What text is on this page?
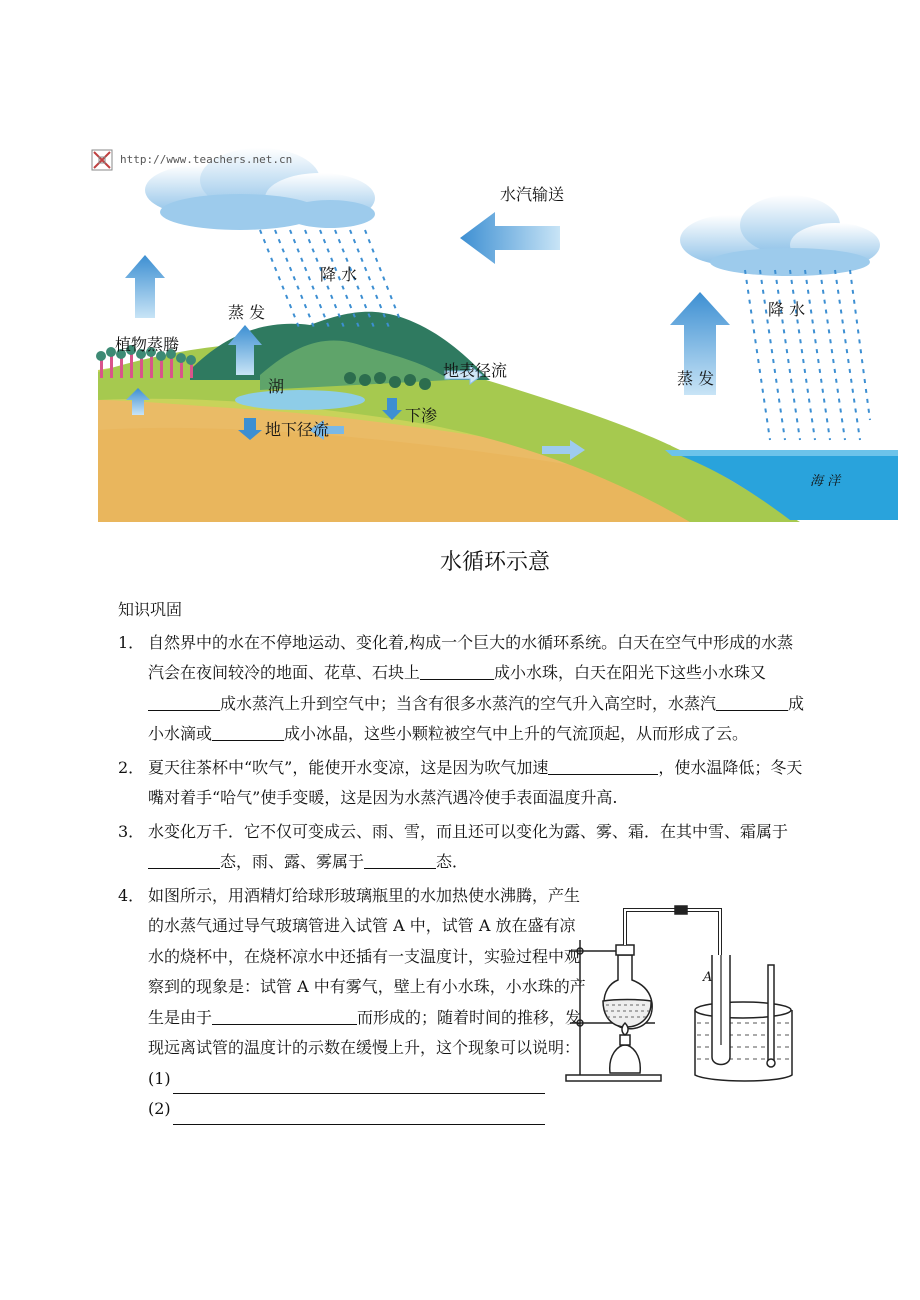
http://www.teachers.net.cn
水汽输送
降 水
降 水
蒸 发
蒸 发
植物蒸腾
湖
地表径流
下渗
地下径流
海 洋
水循环示意
知识巩固
1． 自然界中的水在不停地运动、变化着,构成一个巨大的水循环系统。白天在空气中形成的水蒸汽会在夜间较冷的地面、花草、石块上	成小水珠，白天在阳光下这些小水珠又成水蒸汽上升到空气中；当含有很多水蒸汽的空气升入高空时，水蒸汽	成小水滴或	成小冰晶，这些小颗粒被空气中上升的气流顶起，从而形成了云。
2． 夏天往茶杯中“吹气”，能使开水变凉，这是因为吹气加速	，使水温降低；冬天嘴对着手“哈气”使手变暖，这是因为水蒸汽遇冷使手表面温度升高.
3． 水变化万千．它不仅可变成云、雨、雪，而且还可以变化为露、雾、霜．在其中雪、霜属于态，雨、露、雾属于	态．
4． 如图所示，用酒精灯给球形玻璃瓶里的水加热使水沸腾，产生的水蒸气通过导气玻璃管进入试管 A 中，试管 A 放在盛有凉水的烧杯中，在烧杯凉水中还插有一支温度计，实验过程中观察到的现象是：试管 A 中有雾气，壁上有小水珠，小水珠的产生是由于	而形成的；随着时间的推移，发现远离试管的温度计的示数在缓慢上升，这个现象可以说明：
(1)
(2)
A
